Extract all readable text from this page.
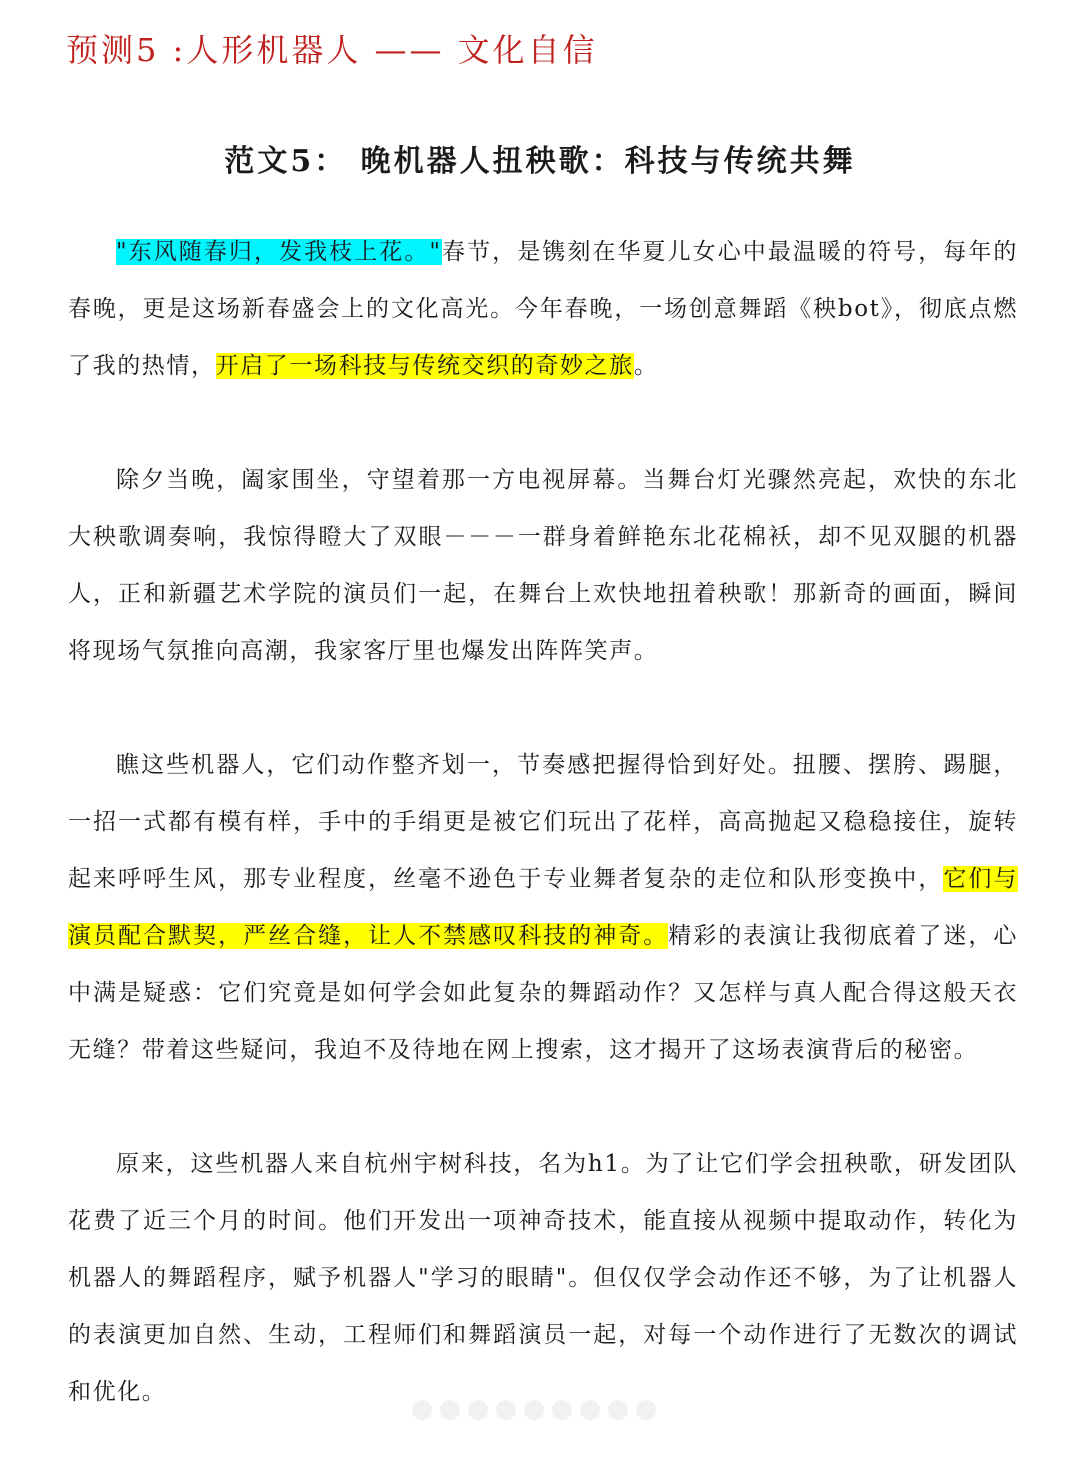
预测5 :人形机器人 —— 文化自信
范文5： 晚机器人扭秧歌：科技与传统共舞

"东风随春归，发我枝上花。"春节，是镌刻在华夏儿女心中最温暖的符号，每年的春晚，更是这场新春盛会上的文化高光。今年春晚，一场创意舞蹈《秧bot》，彻底点燃了我的热情，开启了一场科技与传统交织的奇妙之旅。

除夕当晚，阖家围坐，守望着那一方电视屏幕。当舞台灯光骤然亮起，欢快的东北大秧歌调奏响，我惊得瞪大了双眼－－－一群身着鲜艳东北花棉袄，却不见双腿的机器人，正和新疆艺术学院的演员们一起，在舞台上欢快地扭着秧歌！那新奇的画面，瞬间将现场气氛推向高潮，我家客厅里也爆发出阵阵笑声。

瞧这些机器人，它们动作整齐划一，节奏感把握得恰到好处。扭腰、摆胯、踢腿，一招一式都有模有样，手中的手绢更是被它们玩出了花样，高高抛起又稳稳接住，旋转起来呼呼生风，那专业程度，丝毫不逊色于专业舞者复杂的走位和队形变换中，它们与演员配合默契，严丝合缝，让人不禁感叹科技的神奇。精彩的表演让我彻底着了迷，心中满是疑惑：它们究竟是如何学会如此复杂的舞蹈动作？又怎样与真人配合得这般天衣无缝？带着这些疑问，我迫不及待地在网上搜索，这才揭开了这场表演背后的秘密。

原来，这些机器人来自杭州宇树科技，名为h1。为了让它们学会扭秧歌，研发团队花费了近三个月的时间。他们开发出一项神奇技术，能直接从视频中提取动作，转化为机器人的舞蹈程序，赋予机器人"学习的眼睛"。但仅仅学会动作还不够，为了让机器人的表演更加自然、生动，工程师们和舞蹈演员一起，对每一个动作进行了无数次的调试和优化。
